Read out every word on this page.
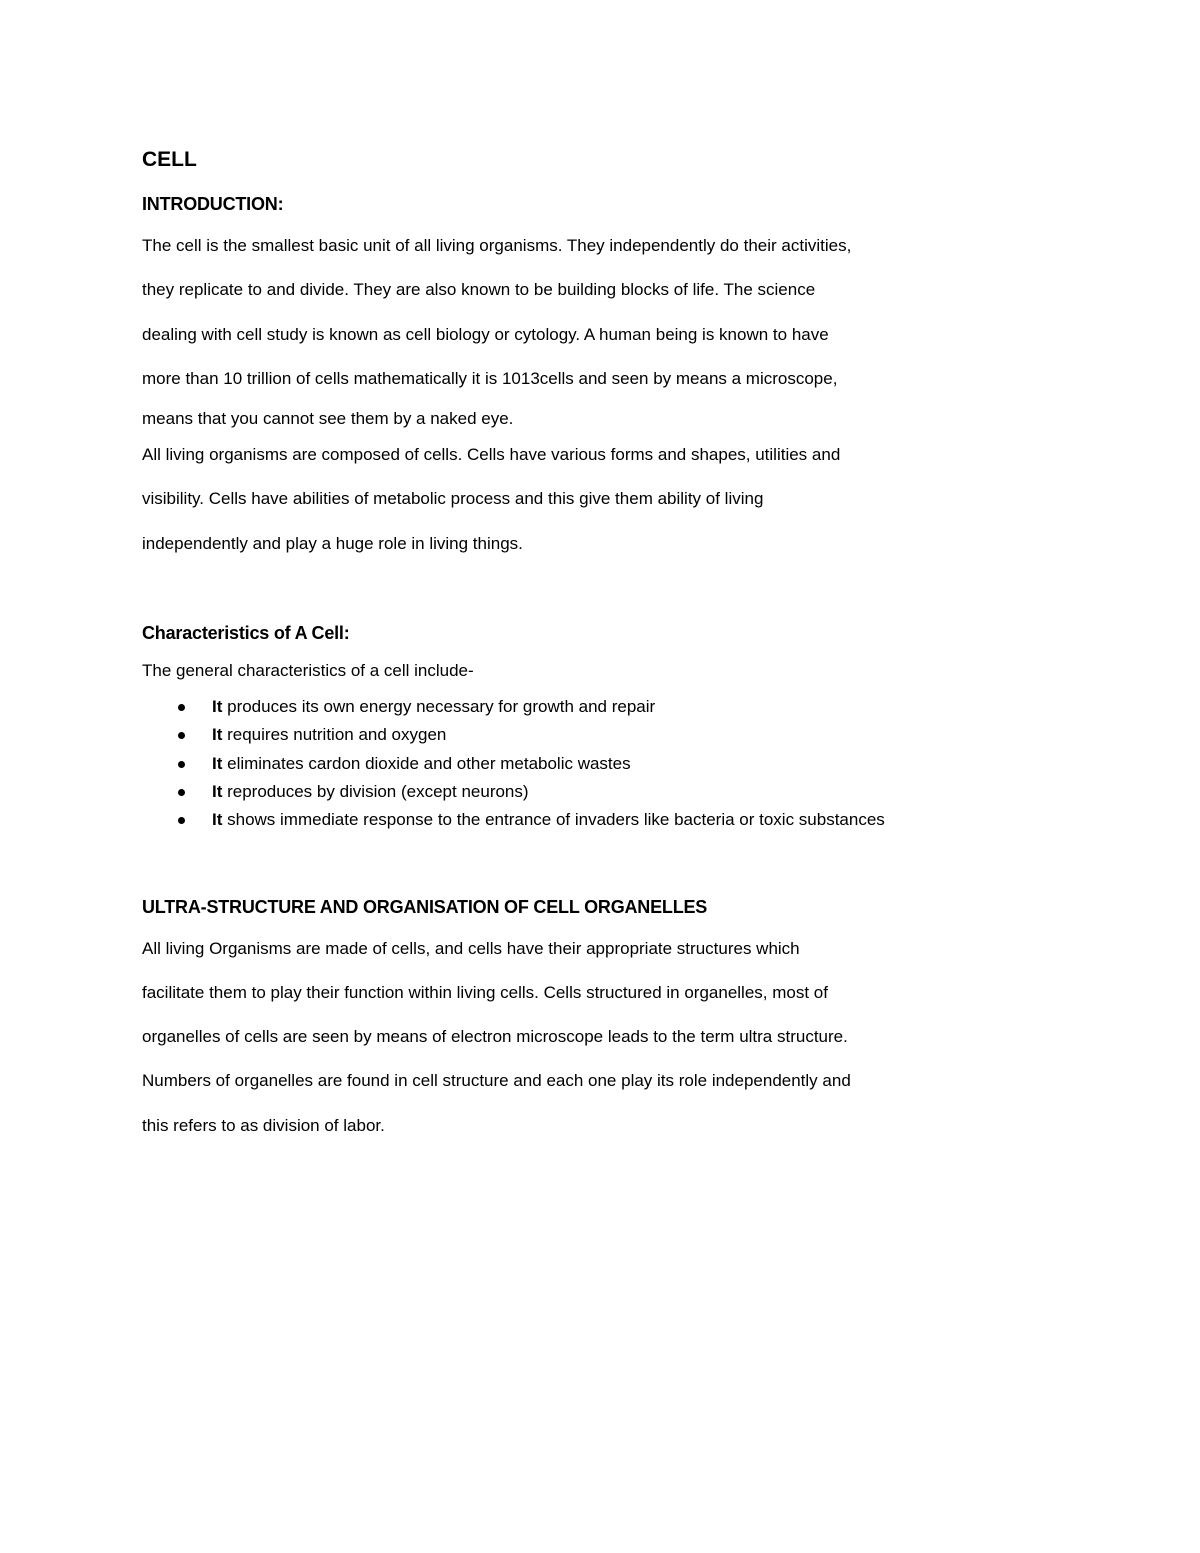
CELL
INTRODUCTION:
The cell is the smallest basic unit of all living organisms. They independently do their activities,
they replicate to and divide. They are also known to be building blocks of life. The science
dealing with cell study is known as cell biology or cytology. A human being is known to have
more than 10 trillion of cells mathematically it is 1013cells and seen by means a microscope,
means that you cannot see them by a naked eye.
All living organisms are composed of cells. Cells have various forms and shapes, utilities and
visibility. Cells have abilities of metabolic process and this give them ability of living
independently and play a huge role in living things.
Characteristics of A Cell:
The general characteristics of a cell include-
It produces its own energy necessary for growth and repair
It requires nutrition and oxygen
It eliminates cardon dioxide and other metabolic wastes
It reproduces by division (except neurons)
It shows immediate response to the entrance of invaders like bacteria or toxic substances
ULTRA-STRUCTURE AND ORGANISATION OF CELL ORGANELLES
All living Organisms are made of cells, and cells have their appropriate structures which
facilitate them to play their function within living cells. Cells structured in organelles, most of
organelles of cells are seen by means of electron microscope leads to the term ultra structure.
Numbers of organelles are found in cell structure and each one play its role independently and
this refers to as division of labor.
